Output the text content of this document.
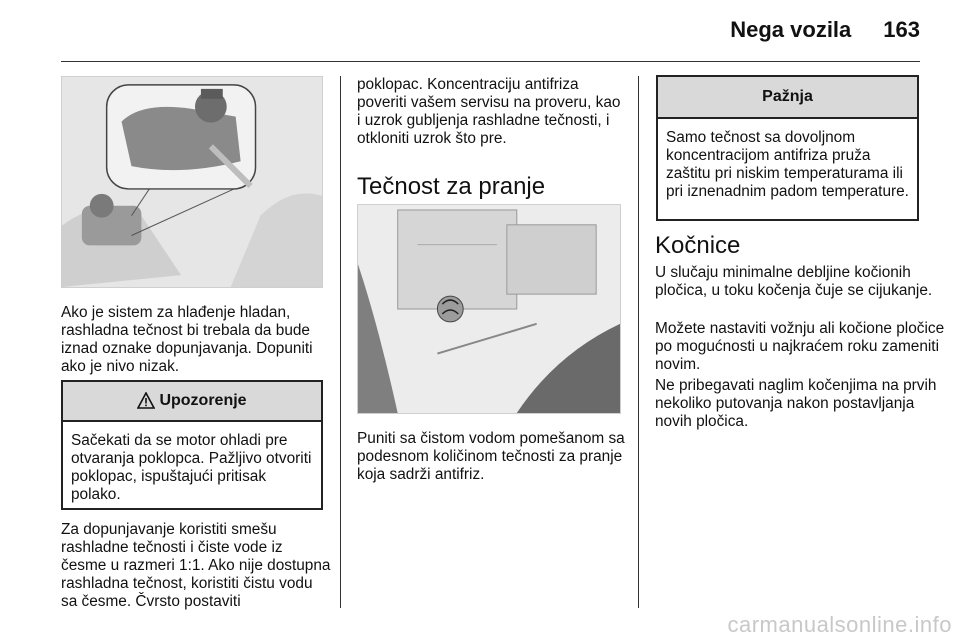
Nega vozila 163
Ako je sistem za hlađenje hladan, rashladna tečnost bi trebala da bude iznad oznake dopunjavanja. Dopuniti ako je nivo nizak.
Upozorenje
Sačekati da se motor ohladi pre otvaranja poklopca. Pažljivo otvoriti poklopac, ispuštajući pritisak polako.
Za dopunjavanje koristiti smešu rashladne tečnosti i čiste vode iz česme u razmeri 1:1. Ako nije dostupna rashladna tečnost, koristiti čistu vodu sa česme. Čvrsto postaviti
poklopac. Koncentraciju antifriza poveriti vašem servisu na proveru, kao i uzrok gubljenja rashladne tečnosti, i otkloniti uzrok što pre.
Tečnost za pranje
Puniti sa čistom vodom pomešanom sa podesnom količinom tečnosti za pranje koja sadrži antifriz.
Pažnja
Samo tečnost sa dovoljnom koncentracijom antifriza pruža zaštitu pri niskim temperaturama ili pri iznenadnim padom temperature.
Kočnice
U slučaju minimalne debljine kočionih pločica, u toku kočenja čuje se cijukanje.
Možete nastaviti vožnju ali kočione pločice po mogućnosti u najkraćem roku zameniti novim.
Ne pribegavati naglim kočenjima na prvih nekoliko putovanja nakon postavljanja novih pločica.
carmanualsonline.info
